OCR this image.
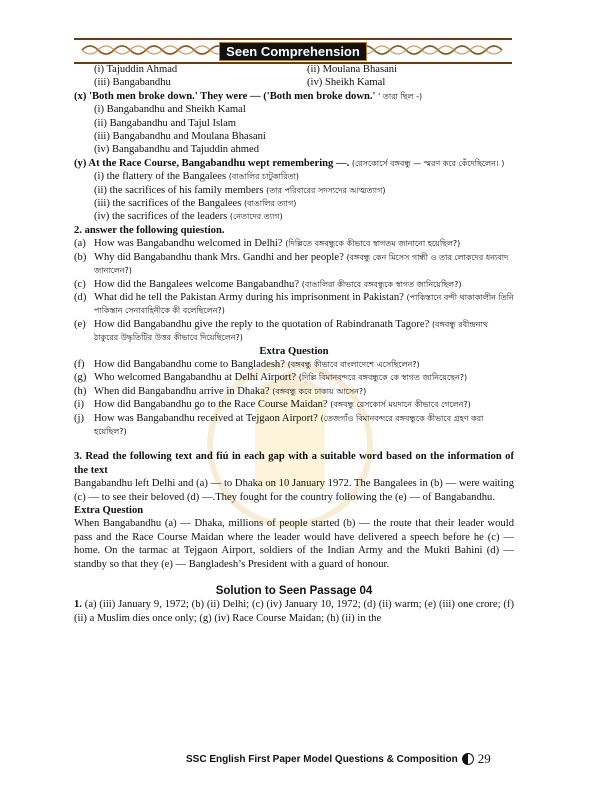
Seen Comprehension
(i) Tajuddin Ahmad	(ii) Moulana Bhasani
(iii) Bangabandhu	(iv) Sheikh Kamal
(x) 'Both men broke down.' They were — ('Both men broke down.' ' তারা ছিল -)
(i) Bangabandhu and Sheikh Kamal
(ii) Bangabandhu and Tajul Islam
(iii) Bangabandhu and Moulana Bhasani
(iv) Bangabandhu and Tajuddin ahmed
(y) At the Race Course, Bangabandhu wept remembering —. (রেসকোর্সে বঙ্গবন্ধু — স্মরণ করে কেঁদেছিলেন। )
(i) the flattery of the Bangalees (বাঙালির চাটুকারিতা)
(ii) the sacrifices of his family members (তার পরিবারের সদস্যদের আত্মত্যাগ)
(iii) the sacrifices of the Bangalees (বাঙালির ত্যাগ)
(iv) the sacrifices of the leaders (নেতাদের ত্যাগ)
2. answer the following quiestion.
(a) How was Bangabandhu welcomed in Delhi? (দিল্লিতে বঙ্গবন্ধুকে কীভাবে স্বাগতম জানানো হয়েছিল?)
(b) Why did Bangabandhu thank Mrs. Gandhi and her people? (বঙ্গবন্ধু কেন মিসেস গান্ধী ও তার লোকদের ধন্যবাদ জানালেন?)
(c) How did the Bangalees welcome Bangabandhu? (বাঙালিরা কীভাবে বঙ্গবন্ধুকে স্বাগত জানিয়েছিল?)
(d) What did he tell the Pakistan Army during his imprisonment in Pakistan? (পাকিস্তানে বন্দী থাকাকালীন তিনি পাকিস্তান সেনাবাহিনীকে কী বলেছিলেন?)
(e) How did Bangabandhu give the reply to the quotation of Rabindranath Tagore? (বঙ্গবন্ধু রবীন্দ্রনাথ ঠাকুরের উদ্ধৃতিটির উত্তর কীভাবে দিয়েছিলেন?)
Extra Question
(f) How did Bangabandhu come to Bangladesh? (বঙ্গবন্ধু কীভাবে বাংলাদেশে এসেছিলেন?)
(g) Who welcomed Bangabandhu at Delhi Airport? (দিল্লি বিমানবন্দরে বঙ্গবন্ধুকে কে স্বাগত জানিয়েছেন?)
(h) When did Bangabandhu arrive in Dhaka? (বঙ্গবন্ধু কবে ঢাকায় আসেন?)
(i) How did Bangabandhu go to the Race Course Maidan? (বঙ্গবন্ধু রেসকোর্স ময়দানে কীভাবে গেলেন?)
(j) How was Bangabandhu received at Tejgaon Airport? (তেজগাঁও বিমানবন্দরে বঙ্গবন্ধুকে কীভাবে গ্রহণ করা হয়েছিল?)
3. Read the following text and fiú in each gap with a suitable word based on the information of the text
Bangabandhu left Delhi and (a) — to Dhaka on 10 January 1972. The Bangalees in (b) — were waiting (c) — to see their beloved (d) —.They fought for the country following the (e) — of Bangabandhu.
Extra Question
When Bangabandhu (a) — Dhaka, millions of people started (b) — the route that their leader would pass and the Race Course Maidan where the leader would have delivered a speech before he (c) — home. On the tarmac at Tejgaon Airport, soldiers of the Indian Army and the Mukti Bahini (d) — standby so that they (e) — Bangladesh’s President with a guard of honour.
Solution to Seen Passage 04
1. (a) (iii) January 9, 1972; (b) (ii) Delhi; (c) (iv) January 10, 1972; (d) (ii) warm; (e) (iii) one crore; (f) (ii) a Muslim dies once only; (g) (iv) Race Course Maidan; (h) (ii) in the
SSC English First Paper Model Questions & Composition 29
